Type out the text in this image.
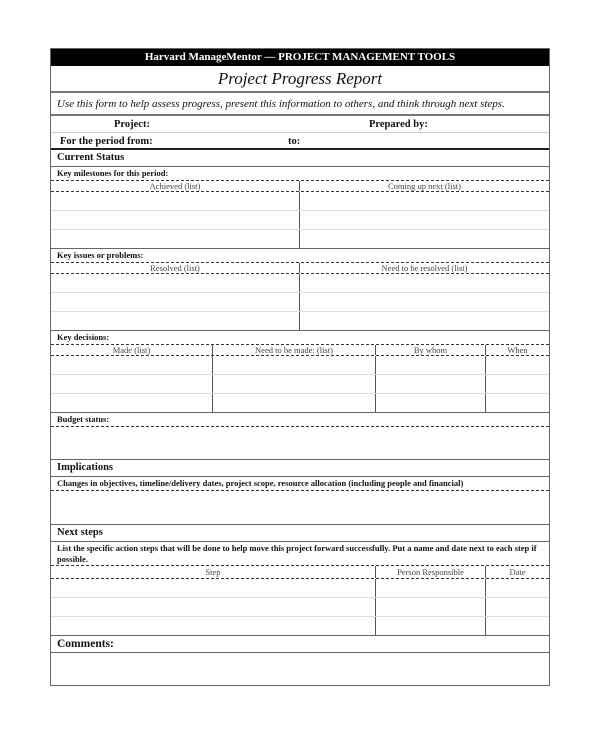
Harvard ManageMentor — PROJECT MANAGEMENT TOOLS
Project Progress Report
Use this form to help assess progress, present this information to others, and think through next steps.
Project:	Prepared by:
For the period from:	to:
Current Status
Key milestones for this period:
Achieved (list)	Coming up next (list)
Key issues or problems:
Resolved (list)	Need to be resolved (list)
Key decisions:
Made (list)	Need to be made: (list)	By whom	When
Budget status:
Implications
Changes in objectives, timeline/delivery dates, project scope, resource allocation (including people and financial)
Next steps
List the specific action steps that will be done to help move this project forward successfully. Put a name and date next to each step if possible.
Step	Person Responsible	Date
Comments:
